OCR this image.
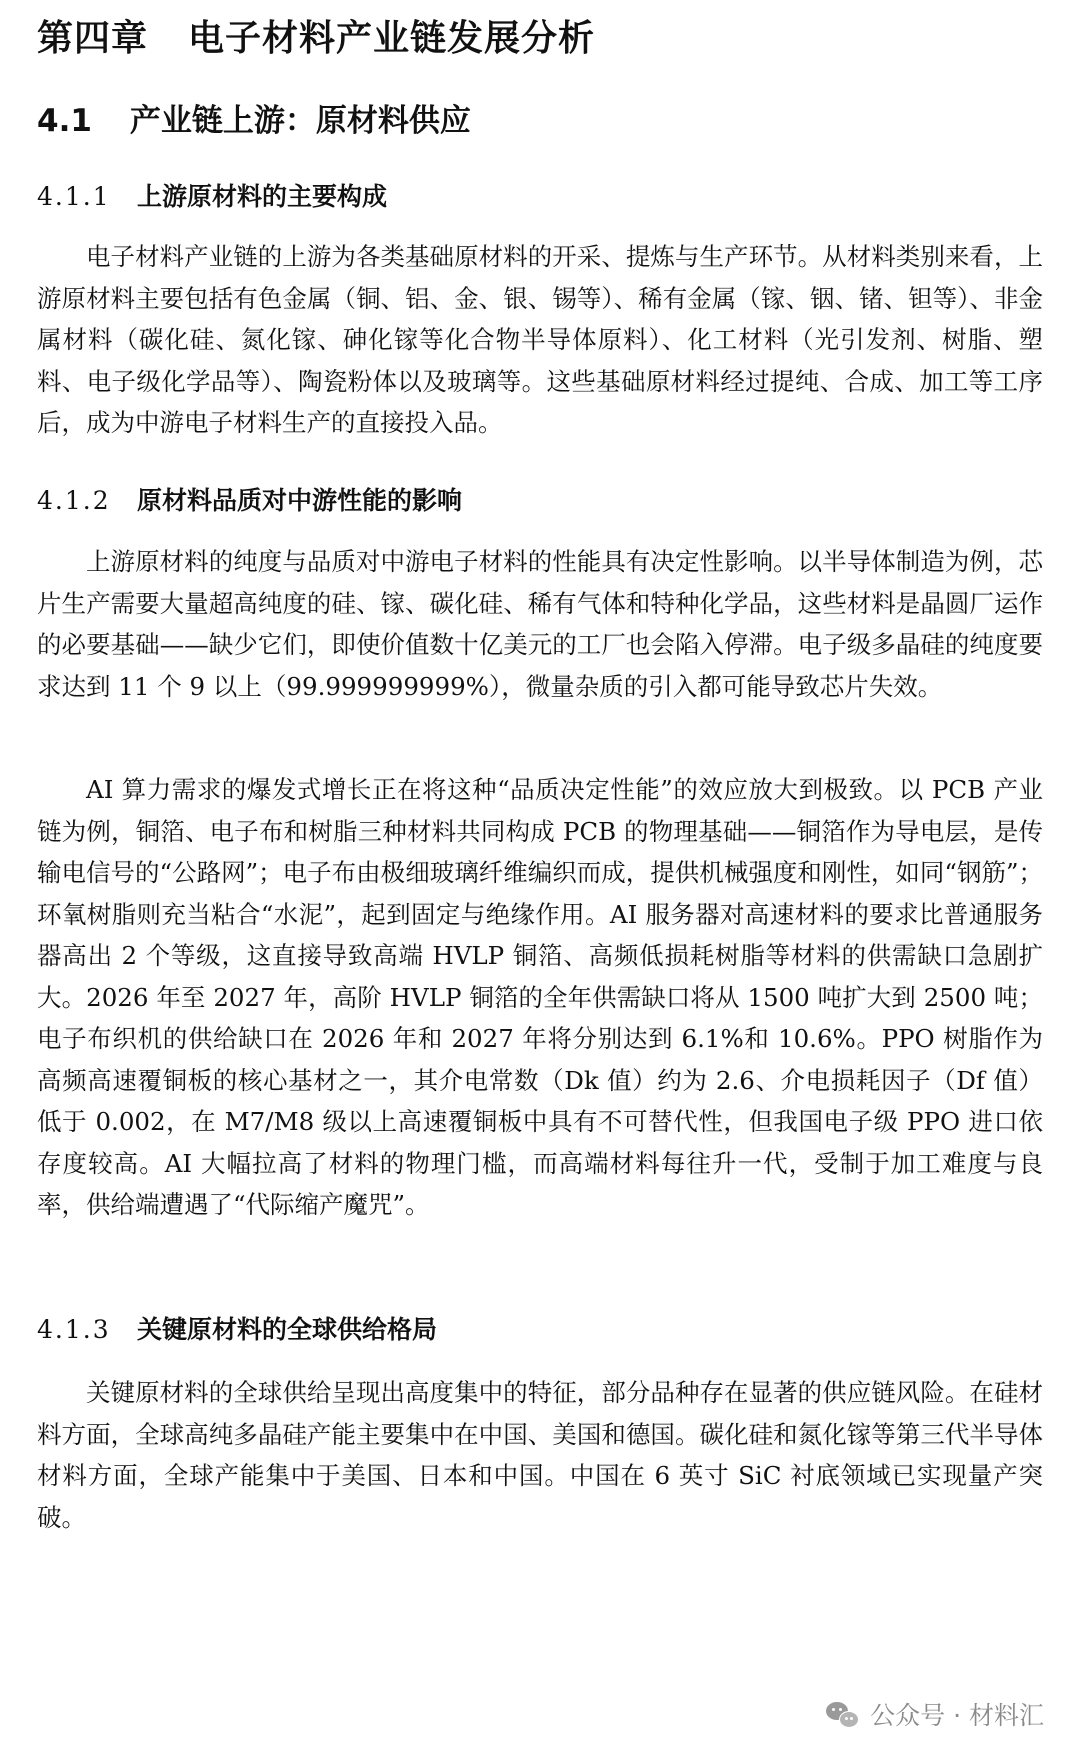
第四章 电子材料产业链发展分析
4.1 产业链上游：原材料供应
4.1.1 上游原材料的主要构成

电子材料产业链的上游为各类基础原材料的开采、提炼与生产环节。从材料类别来看，上游原材料主要包括有色金属（铜、铝、金、银、锡等）、稀有金属（镓、铟、锗、钽等）、非金属材料（碳化硅、氮化镓、砷化镓等化合物半导体原料）、化工材料（光引发剂、树脂、塑料、电子级化学品等）、陶瓷粉体以及玻璃等。这些基础原材料经过提纯、合成、加工等工序后，成为中游电子材料生产的直接投入品。

4.1.2 原材料品质对中游性能的影响

上游原材料的纯度与品质对中游电子材料的性能具有决定性影响。以半导体制造为例，芯片生产需要大量超高纯度的硅、镓、碳化硅、稀有气体和特种化学品，这些材料是晶圆厂运作的必要基础——缺少它们，即使价值数十亿美元的工厂也会陷入停滞。电子级多晶硅的纯度要求达到 11 个 9 以上（99.999999999%），微量杂质的引入都可能导致芯片失效。

AI 算力需求的爆发式增长正在将这种“品质决定性能”的效应放大到极致。以 PCB 产业链为例，铜箔、电子布和树脂三种材料共同构成 PCB 的物理基础——铜箔作为导电层，是传输电信号的“公路网”；电子布由极细玻璃纤维编织而成，提供机械强度和刚性，如同“钢筋”；环氧树脂则充当粘合“水泥”，起到固定与绝缘作用。AI 服务器对高速材料的要求比普通服务器高出 2 个等级，这直接导致高端 HVLP 铜箔、高频低损耗树脂等材料的供需缺口急剧扩大。2026 年至 2027 年，高阶 HVLP 铜箔的全年供需缺口将从 1500 吨扩大到 2500 吨；电子布织机的供给缺口在 2026 年和 2027 年将分别达到 6.1%和 10.6%。PPO 树脂作为高频高速覆铜板的核心基材之一，其介电常数（Dk 值）约为 2.6、介电损耗因子（Df 值）低于 0.002，在 M7/M8 级以上高速覆铜板中具有不可替代性，但我国电子级 PPO 进口依存度较高。AI 大幅拉高了材料的物理门槛，而高端材料每往升一代，受制于加工难度与良率，供给端遭遇了“代际缩产魔咒”。

4.1.3 关键原材料的全球供给格局

关键原材料的全球供给呈现出高度集中的特征，部分品种存在显著的供应链风险。在硅材料方面，全球高纯多晶硅产能主要集中在中国、美国和德国。碳化硅和氮化镓等第三代半导体材料方面，全球产能集中于美国、日本和中国。中国在 6 英寸 SiC 衬底领域已实现量产突破。

公众号 · 材料汇
